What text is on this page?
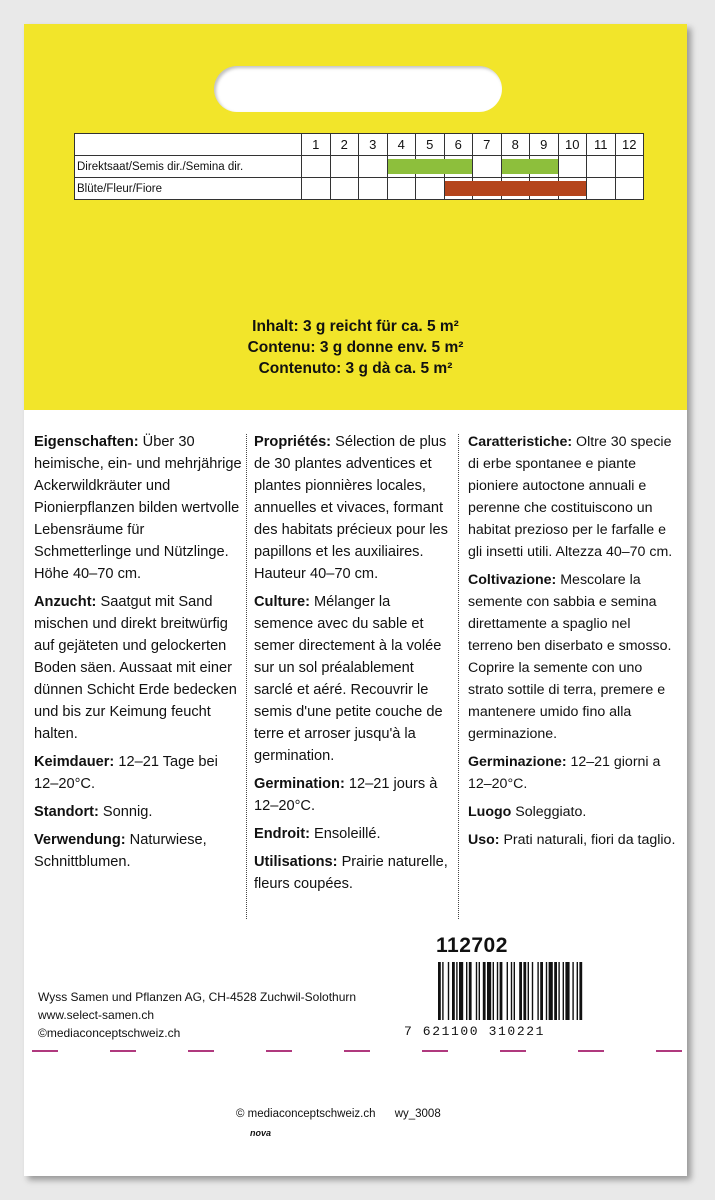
	1	2	3	4	5	6	7	8	9	10	11	12
Direktsaat/Semis dir./Semina dir.				

Blüte/Fleur/Fiore						

Inhalt: 3 g reicht für ca. 5 m²
Contenu: 3 g donne env. 5 m²
Contenuto: 3 g dà ca. 5 m²

Eigenschaften: Über 30 heimische, ein- und mehrjährige Ackerwildkräuter und Pionierpflanzen bilden wertvolle Lebensräume für Schmetterlinge und Nützlinge. Höhe 40–70 cm.

Anzucht: Saatgut mit Sand mischen und direkt breitwürfig auf gejäteten und gelockerten Boden säen. Aussaat mit einer dünnen Schicht Erde bedecken und bis zur Keimung feucht halten.

Keimdauer: 12–21 Tage bei 12–20°C.

Standort: Sonnig.

Verwendung: Naturwiese, Schnittblumen.

Propriétés: Sélection de plus de 30 plantes adventices et plantes pionnières locales, annuelles et vivaces, formant des habitats précieux pour les papillons et les auxiliaires. Hauteur 40–70 cm.

Culture: Mélanger la semence avec du sable et semer directement à la volée sur un sol préalablement sarclé et aéré. Recouvrir le semis d'une petite couche de terre et arroser jusqu'à la germination.

Germination: 12–21 jours à 12–20°C.

Endroit: Ensoleillé.

Utilisations: Prairie naturelle, fleurs coupées.

Caratteristiche: Oltre 30 specie di erbe spontanee e piante pioniere autoctone annuali e perenne che costituiscono un habitat prezioso per le farfalle e gli insetti utili. Altezza 40–70 cm.

Coltivazione: Mescolare la semente con sabbia e semina direttamente a spaglio nel terreno ben diserbato e smosso. Coprire la semente con uno strato sottile di terra, premere e mantenere umido fino alla germinazione.

Germinazione: 12–21 giorni a 12–20°C.

Luogo Soleggiato.

Uso: Prati naturali, fiori da taglio.

112702
7 621100 310221
Wyss Samen und Pflanzen AG, CH-4528 Zuchwil-Solothurn
www.select-samen.ch
©mediaconceptschweiz.ch
© mediaconceptschweiz.ch wy_3008
nova
